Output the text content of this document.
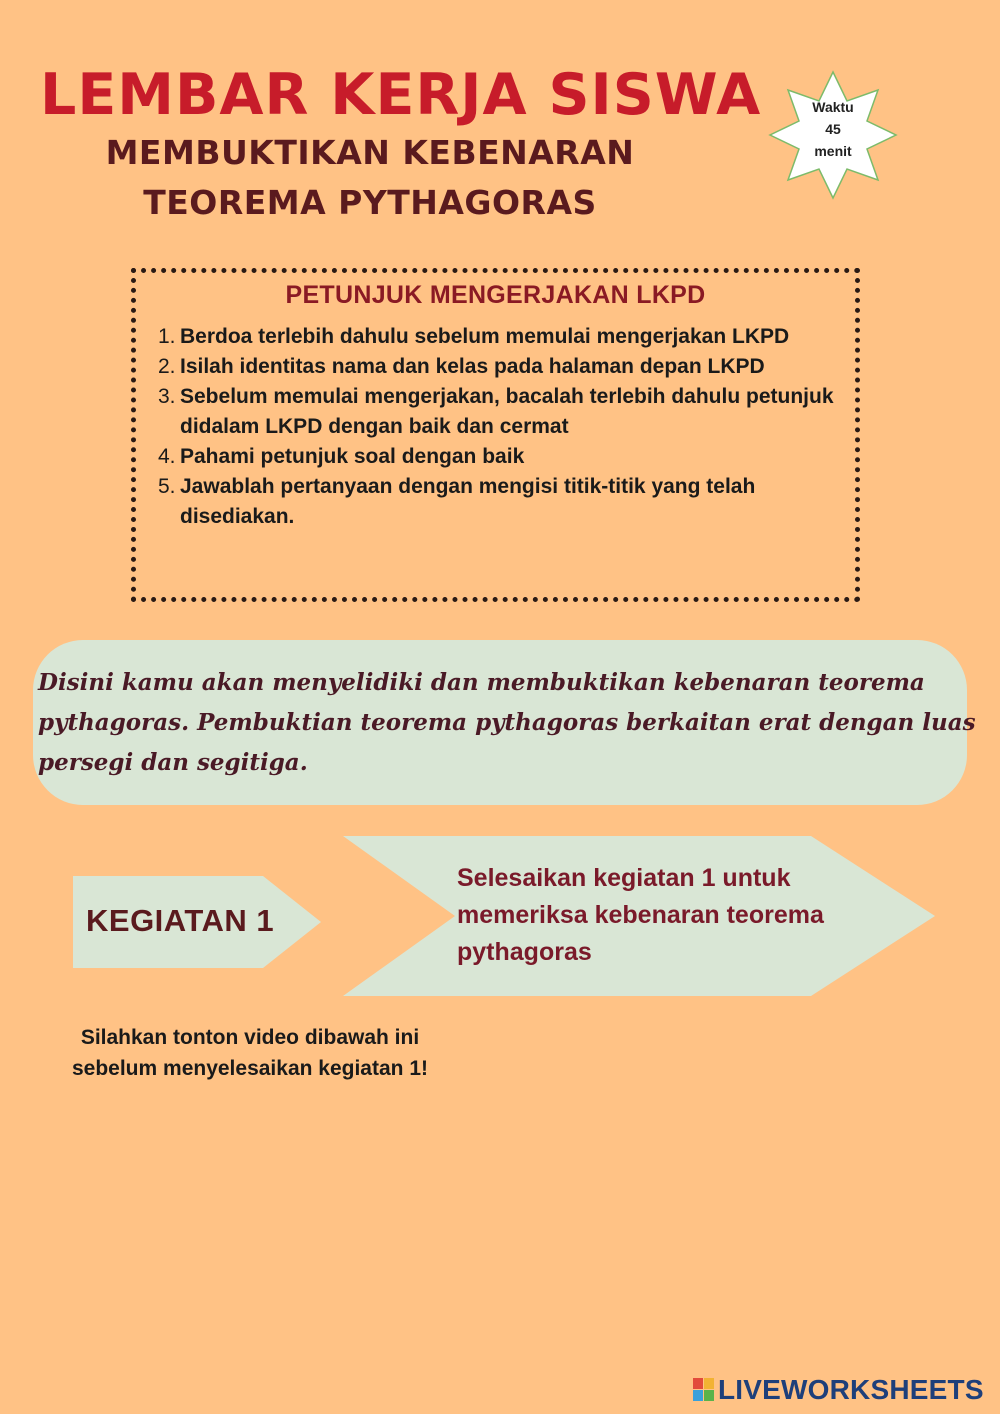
LEMBAR KERJA SISWA
MEMBUKTIKAN KEBENARAN
TEOREMA PYTHAGORAS
Waktu
45
menit
PETUNJUK MENGERJAKAN LKPD
1. Berdoa terlebih dahulu sebelum memulai mengerjakan LKPD
2. Isilah identitas nama dan kelas pada halaman depan LKPD
3. Sebelum memulai mengerjakan, bacalah terlebih dahulu petunjuk didalam LKPD dengan baik dan cermat
4. Pahami petunjuk soal dengan baik
5. Jawablah pertanyaan dengan mengisi titik-titik yang telah disediakan.
Disini kamu akan menyelidiki dan membuktikan kebenaran teorema pythagoras. Pembuktian teorema pythagoras berkaitan erat dengan luas persegi dan segitiga.
KEGIATAN 1
Selesaikan kegiatan 1 untuk memeriksa kebenaran teorema pythagoras
Silahkan tonton video dibawah ini
sebelum menyelesaikan kegiatan 1!
LIVEWORKSHEETS
